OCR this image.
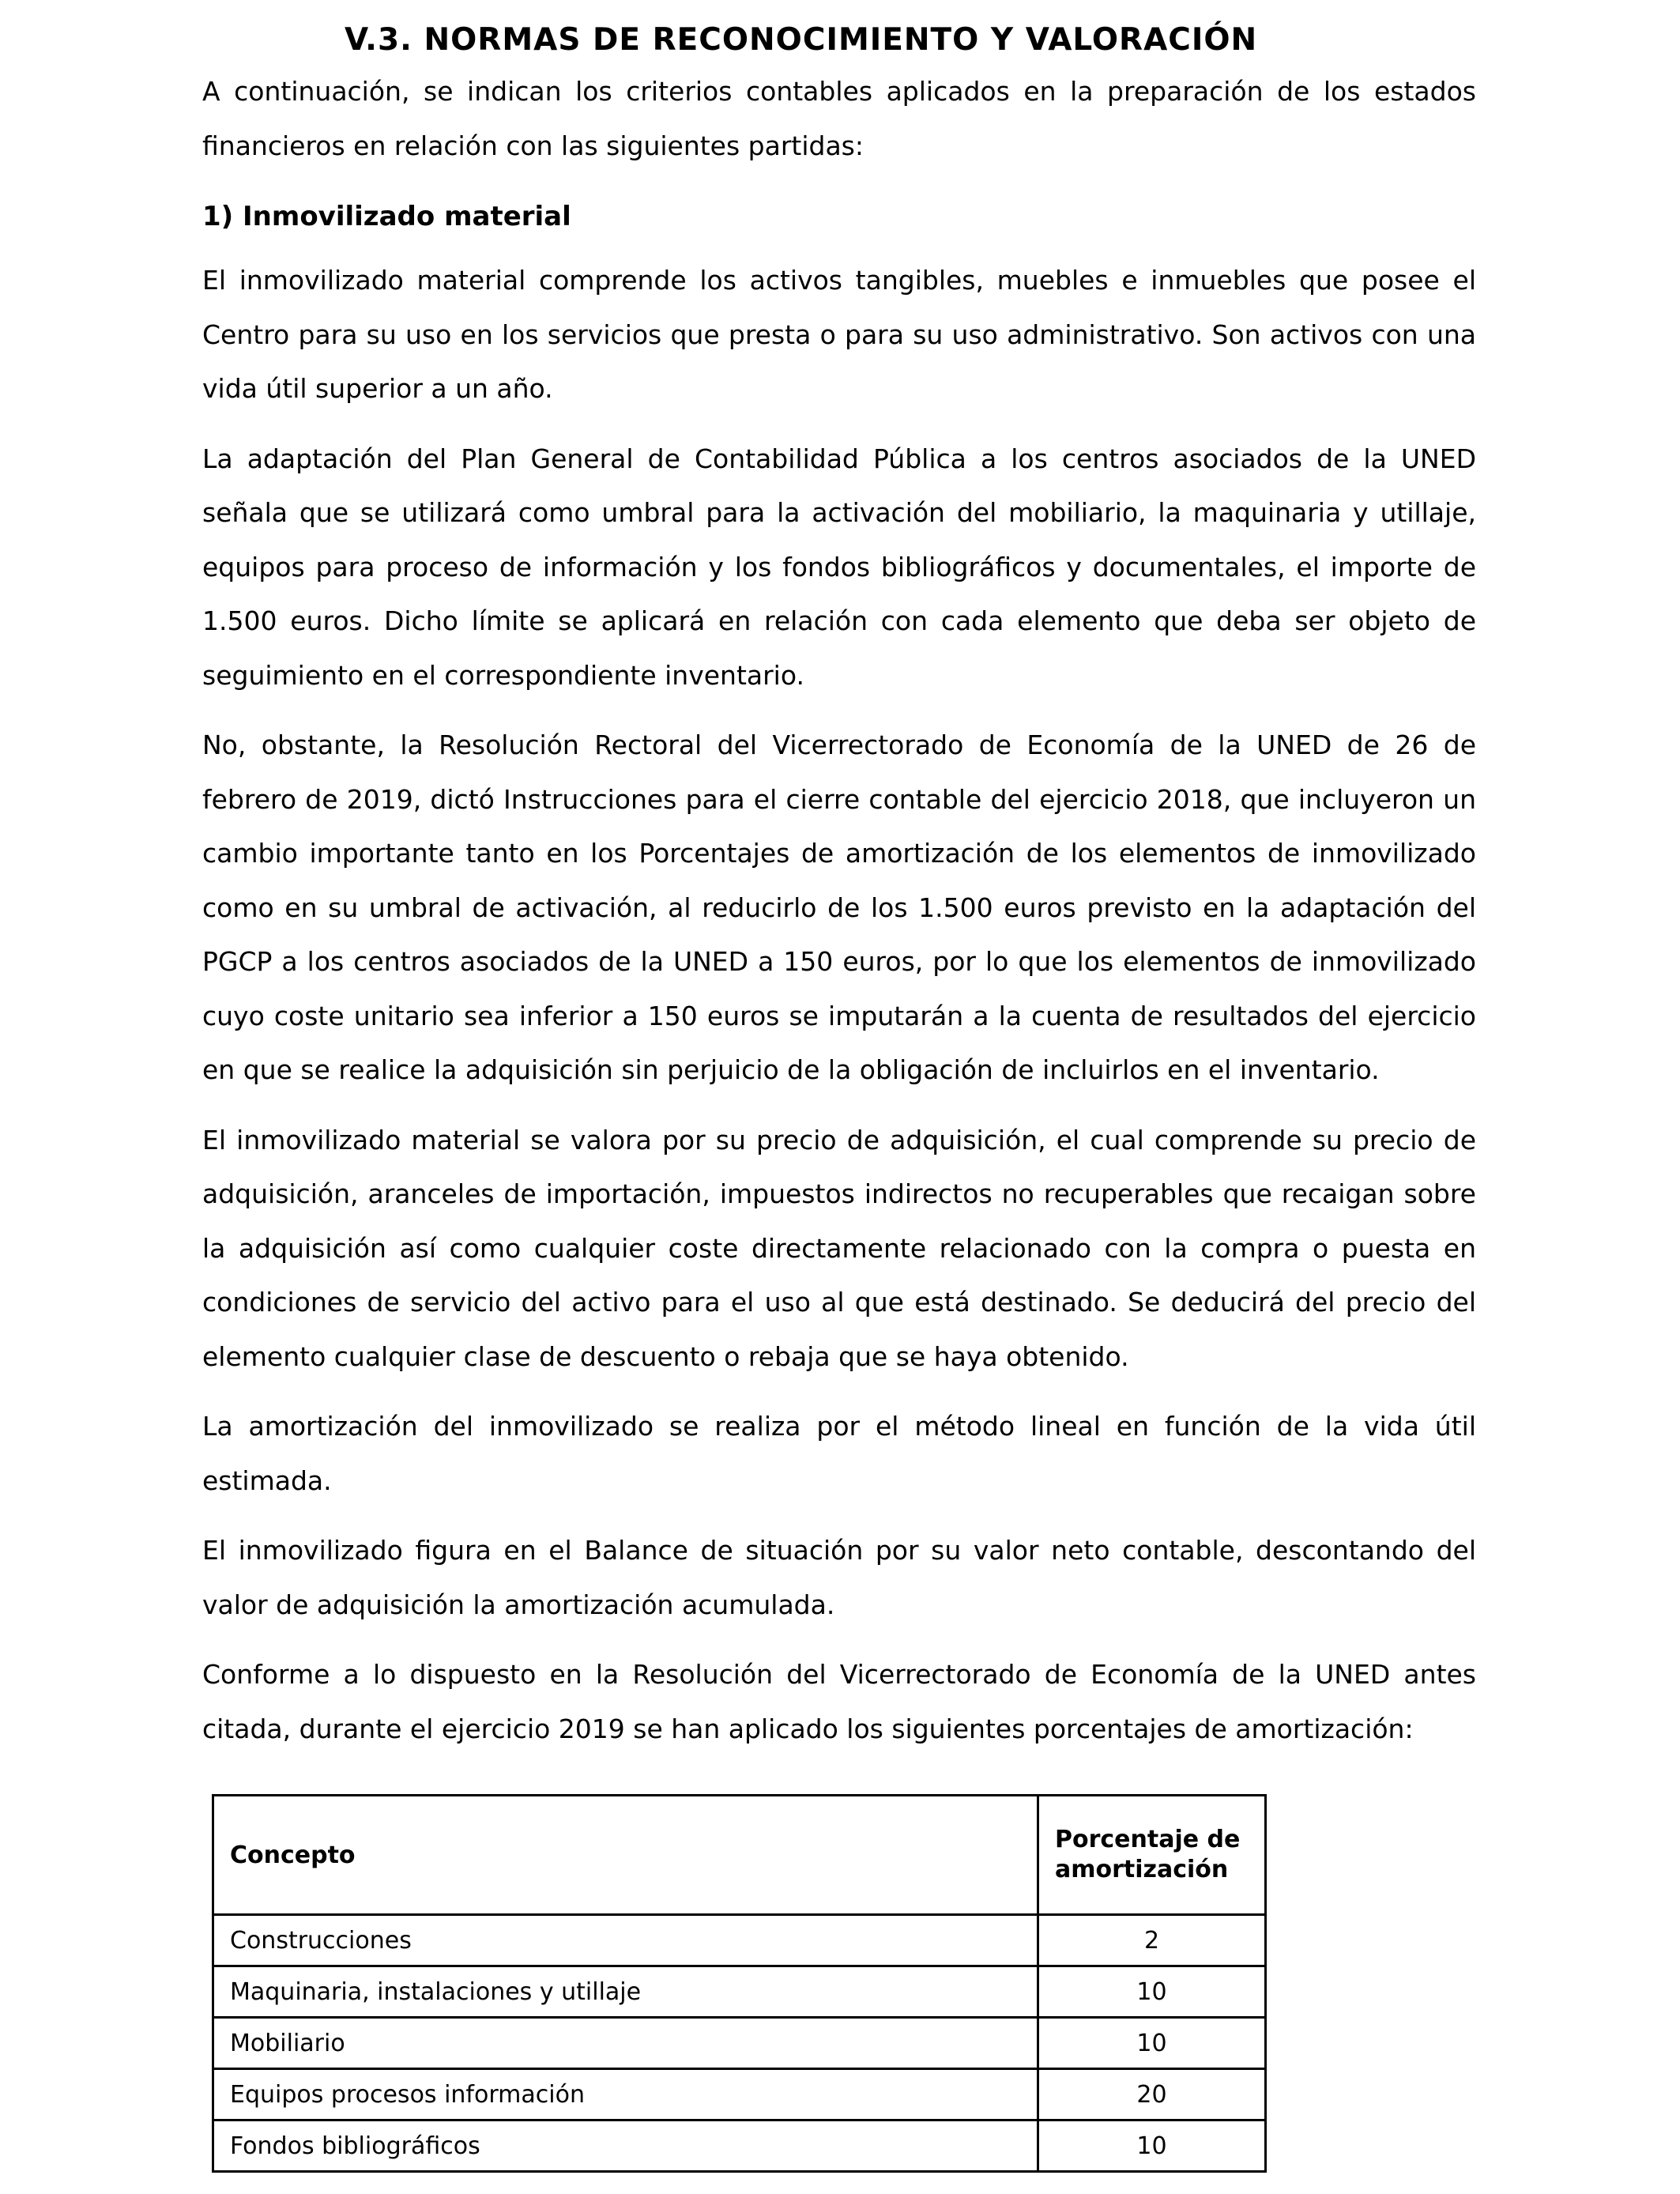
V.3. NORMAS DE RECONOCIMIENTO Y VALORACIÓN

A continuación, se indican los criterios contables aplicados en la preparación de los estados financieros en relación con las siguientes partidas:

1) Inmovilizado material

El inmovilizado material comprende los activos tangibles, muebles e inmuebles que posee el Centro para su uso en los servicios que presta o para su uso administrativo. Son activos con una vida útil superior a un año.

La adaptación del Plan General de Contabilidad Pública a los centros asociados de la UNED señala que se utilizará como umbral para la activación del mobiliario, la maquinaria y utillaje, equipos para proceso de información y los fondos bibliográficos y documentales, el importe de 1.500 euros. Dicho límite se aplicará en relación con cada elemento que deba ser objeto de seguimiento en el correspondiente inventario.

No, obstante, la Resolución Rectoral del Vicerrectorado de Economía de la UNED de 26 de febrero de 2019, dictó Instrucciones para el cierre contable del ejercicio 2018, que incluyeron un cambio importante tanto en los Porcentajes de amortización de los elementos de inmovilizado como en su umbral de activación, al reducirlo de los 1.500 euros previsto en la adaptación del PGCP a los centros asociados de la UNED a 150 euros, por lo que los elementos de inmovilizado cuyo coste unitario sea inferior a 150 euros se imputarán a la cuenta de resultados del ejercicio en que se realice la adquisición sin perjuicio de la obligación de incluirlos en el inventario.

El inmovilizado material se valora por su precio de adquisición, el cual comprende su precio de adquisición, aranceles de importación, impuestos indirectos no recuperables que recaigan sobre la adquisición así como cualquier coste directamente relacionado con la compra o puesta en condiciones de servicio del activo para el uso al que está destinado. Se deducirá del precio del elemento cualquier clase de descuento o rebaja que se haya obtenido.

La amortización del inmovilizado se realiza por el método lineal en función de la vida útil estimada.

El inmovilizado figura en el Balance de situación por su valor neto contable, descontando del valor de adquisición la amortización acumulada.

Conforme a lo dispuesto en la Resolución del Vicerrectorado de Economía de la UNED antes citada, durante el ejercicio 2019 se han aplicado los siguientes porcentajes de amortización:

Concepto	Porcentaje de amortización
Construcciones	2
Maquinaria, instalaciones y utillaje	10
Mobiliario	10
Equipos procesos información	20
Fondos bibliográficos	10
